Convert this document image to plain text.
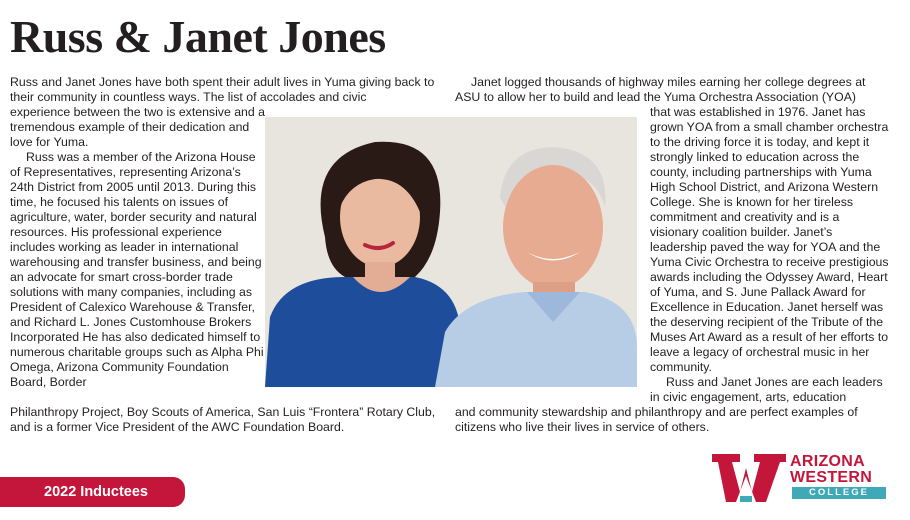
Russ & Janet Jones

Russ and Janet Jones have both spent their adult lives in Yuma giving back to their community in countless ways. The list of accolades and civic

experience between the two is extensive and a tremendous example of their dedication and love for Yuma.

Russ was a member of the Arizona House of Representatives, representing Arizona’s 24th District from 2005 until 2013. During this time, he focused his talents on issues of agriculture, water, border security and natural resources. His professional experience includes working as leader in international warehousing and transfer business, and being an advocate for smart cross-border trade solutions with many companies, including as President of Calexico Warehouse & Transfer, and Richard L. Jones Customhouse Brokers Incorporated He has also dedicated himself to numerous charitable groups such as Alpha Phi Omega, Arizona Community Foundation Board, Border

Philanthropy Project, Boy Scouts of America, San Luis “Frontera” Rotary Club, and is a former Vice President of the AWC Foundation Board.

Janet logged thousands of highway miles earning her college degrees at ASU to allow her to build and lead the Yuma Orchestra Association (YOA)

that was established in 1976. Janet has grown YOA from a small chamber orchestra to the driving force it is today, and kept it strongly linked to education across the county, including partnerships with Yuma High School District, and Arizona Western College. She is known for her tireless commitment and creativity and is a visionary coalition builder. Janet’s leadership paved the way for YOA and the Yuma Civic Orchestra to receive prestigious awards including the Odyssey Award, Heart of Yuma, and S. June Pallack Award for Excellence in Education. Janet herself was the deserving recipient of the Tribute of the Muses Art Award as a result of her efforts to leave a legacy of orchestral music in her community.

Russ and Janet Jones are each leaders in civic engagement, arts, education

and community stewardship and philanthropy and are perfect examples of citizens who live their lives in service of others.

2022 Inductees
ARIZONA
WESTERN
COLLEGE
